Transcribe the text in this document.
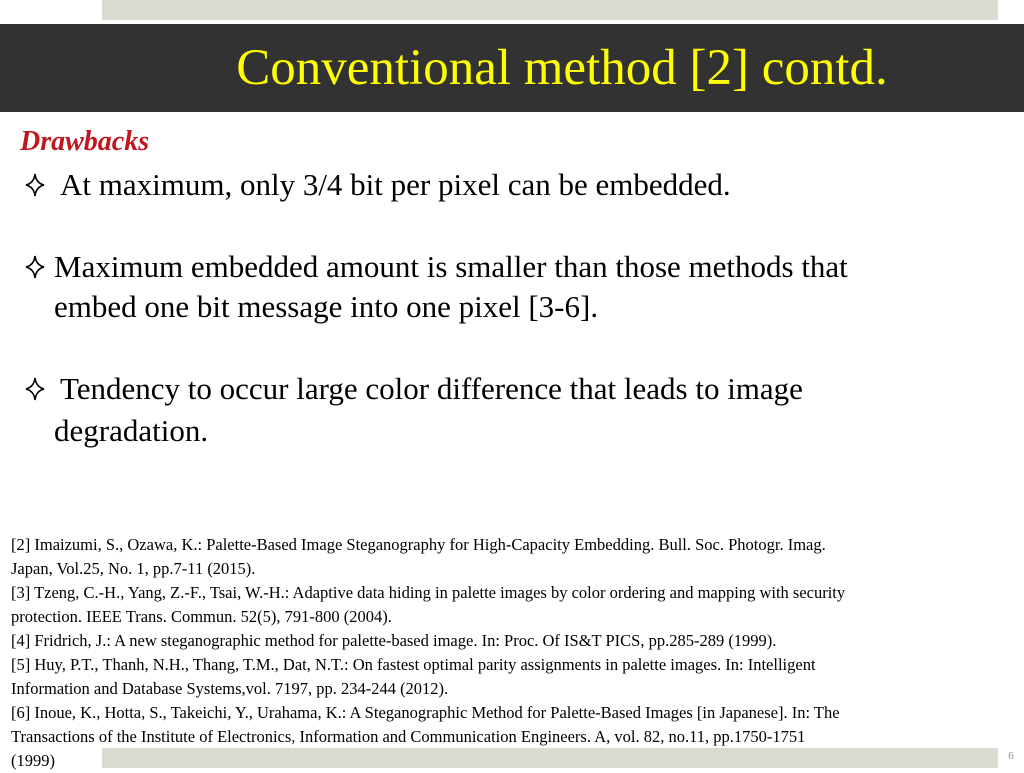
Conventional method [2] contd.
Drawbacks
At maximum, only 3/4 bit per pixel can be embedded.
Maximum embedded amount is smaller than those methods that
embed one bit message into one pixel [3-6].
Tendency to occur large color difference that leads to image
degradation.
[2] Imaizumi, S., Ozawa, K.: Palette-Based Image Steganography for High-Capacity Embedding. Bull. Soc. Photogr. Imag.
Japan, Vol.25, No. 1, pp.7-11 (2015).
[3] Tzeng, C.-H., Yang, Z.-F., Tsai, W.-H.: Adaptive data hiding in palette images by color ordering and mapping with security
protection. IEEE Trans. Commun. 52(5), 791-800 (2004).
[4] Fridrich, J.: A new steganographic method for palette-based image. In: Proc. Of IS&T PICS, pp.285-289 (1999).
[5] Huy, P.T., Thanh, N.H., Thang, T.M., Dat, N.T.: On fastest optimal parity assignments in palette images. In: Intelligent
Information and Database Systems,vol. 7197, pp. 234-244 (2012).
[6] Inoue, K., Hotta, S., Takeichi, Y., Urahama, K.: A Steganographic Method for Palette-Based Images [in Japanese]. In: The
Transactions of the Institute of Electronics, Information and Communication Engineers. A, vol. 82, no.11, pp.1750-1751
(1999)	6
